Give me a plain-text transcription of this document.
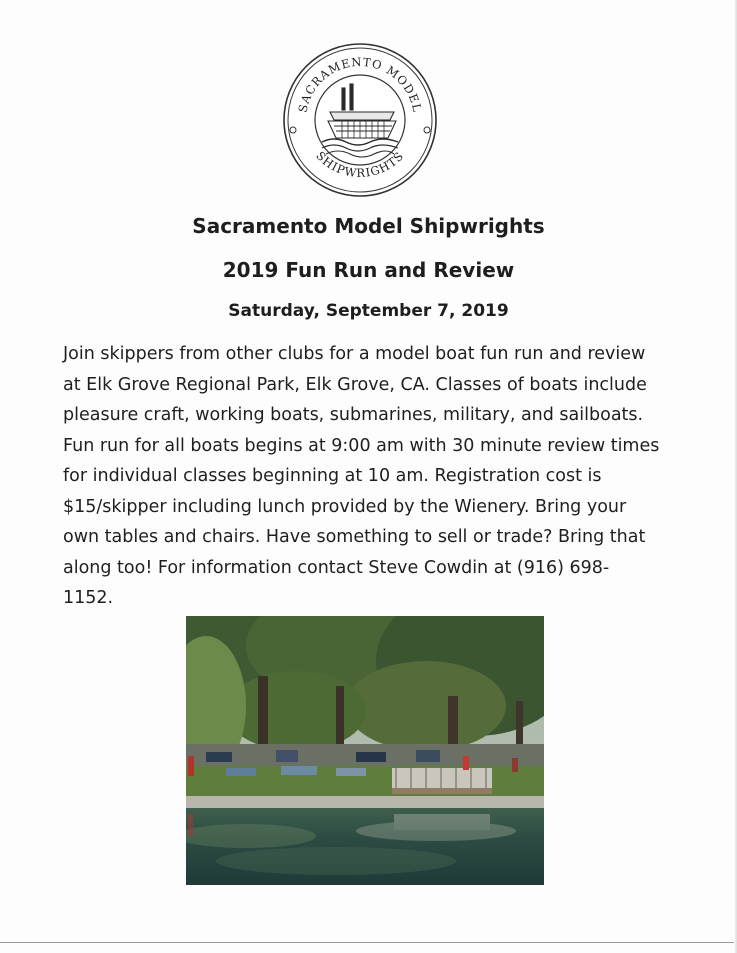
SACRAMENTO MODEL
SHIPWRIGHTS
Sacramento Model Shipwrights
2019 Fun Run and Review
Saturday, September 7, 2019
Join skippers from other clubs for a model boat fun run and review
at Elk Grove Regional Park, Elk Grove, CA. Classes of boats include
pleasure craft, working boats, submarines, military, and sailboats.
Fun run for all boats begins at 9:00 am with 30 minute review times
for individual classes beginning at 10 am. Registration cost is
$15/skipper including lunch provided by the Wienery. Bring your
own tables and chairs. Have something to sell or trade? Bring that
along too! For information contact Steve Cowdin at (916) 698-
1152.
